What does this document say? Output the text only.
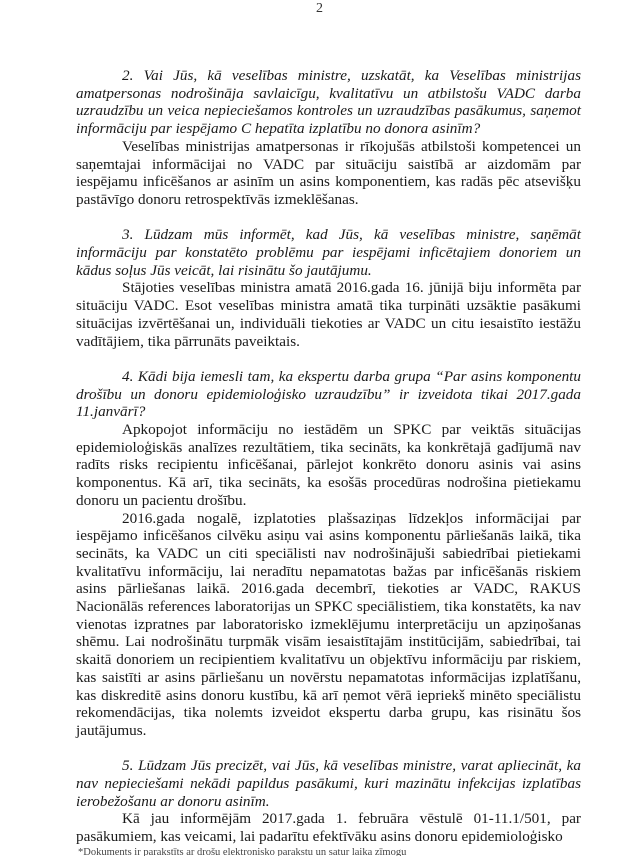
2

2. Vai Jūs, kā veselības ministre, uzskatāt, ka Veselības ministrijas amatpersonas nodrošināja savlaicīgu, kvalitatīvu un atbilstošu VADC darba uzraudzību un veica nepieciešamos kontroles un uzraudzības pasākumus, saņemot informāciju par iespējamo C hepatīta izplatību no donora asinīm?

Veselības ministrijas amatpersonas ir rīkojušās atbilstoši kompetencei un saņemtajai informācijai no VADC par situāciju saistībā ar aizdomām par iespējamu inficēšanos ar asinīm un asins komponentiem, kas radās pēc atsevišķu pastāvīgo donoru retrospektīvās izmeklēšanas.

3. Lūdzam mūs informēt, kad Jūs, kā veselības ministre, saņēmāt informāciju par konstatēto problēmu par iespējami inficētajiem donoriem un kādus soļus Jūs veicāt, lai risinātu šo jautājumu.

Stājoties veselības ministra amatā 2016.gada 16. jūnijā biju informēta par situāciju VADC. Esot veselības ministra amatā tika turpināti uzsāktie pasākumi situācijas izvērtēšanai un, individuāli tiekoties ar VADC un citu iesaistīto iestāžu vadītājiem, tika pārrunāts paveiktais.

4. Kādi bija iemesli tam, ka ekspertu darba grupa “Par asins komponentu drošību un donoru epidemioloģisko uzraudzību” ir izveidota tikai 2017.gada 11.janvārī?

Apkopojot informāciju no iestādēm un SPKC par veiktās situācijas epidemioloģiskās analīzes rezultātiem, tika secināts, ka konkrētajā gadījumā nav radīts risks recipientu inficēšanai, pārlejot konkrēto donoru asinis vai asins komponentus. Kā arī, tika secināts, ka esošās procedūras nodrošina pietiekamu donoru un pacientu drošību.

2016.gada nogalē, izplatoties plašsaziņas līdzekļos informācijai par iespējamo inficēšanos cilvēku asiņu vai asins komponentu pārliešanās laikā, tika secināts, ka VADC un citi speciālisti nav nodrošinājuši sabiedrībai pietiekami kvalitatīvu informāciju, lai neradītu nepamatotas bažas par inficēšanās riskiem asins pārliešanas laikā. 2016.gada decembrī, tiekoties ar VADC, RAKUS Nacionālās references laboratorijas un SPKC speciālistiem, tika konstatēts, ka nav vienotas izpratnes par laboratorisko izmeklējumu interpretāciju un apziņošanas shēmu. Lai nodrošinātu turpmāk visām iesaistītajām institūcijām, sabiedrībai, tai skaitā donoriem un recipientiem kvalitatīvu un objektīvu informāciju par riskiem, kas saistīti ar asins pārliešanu un novērstu nepamatotas informācijas izplatīšanu, kas diskreditē asins donoru kustību, kā arī ņemot vērā iepriekš minēto speciālistu rekomendācijas, tika nolemts izveidot ekspertu darba grupu, kas risinātu šos jautājumus.

5. Lūdzam Jūs precizēt, vai Jūs, kā veselības ministre, varat apliecināt, ka nav nepieciešami nekādi papildus pasākumi, kuri mazinātu infekcijas izplatības ierobežošanu ar donoru asinīm.

Kā jau informējām 2017.gada 1. februāra vēstulē 01-11.1/501, par pasākumiem, kas veicami, lai padarītu efektīvāku asins donoru epidemioloģisko

*Dokuments ir parakstīts ar drošu elektronisko parakstu un satur laika zīmogu
